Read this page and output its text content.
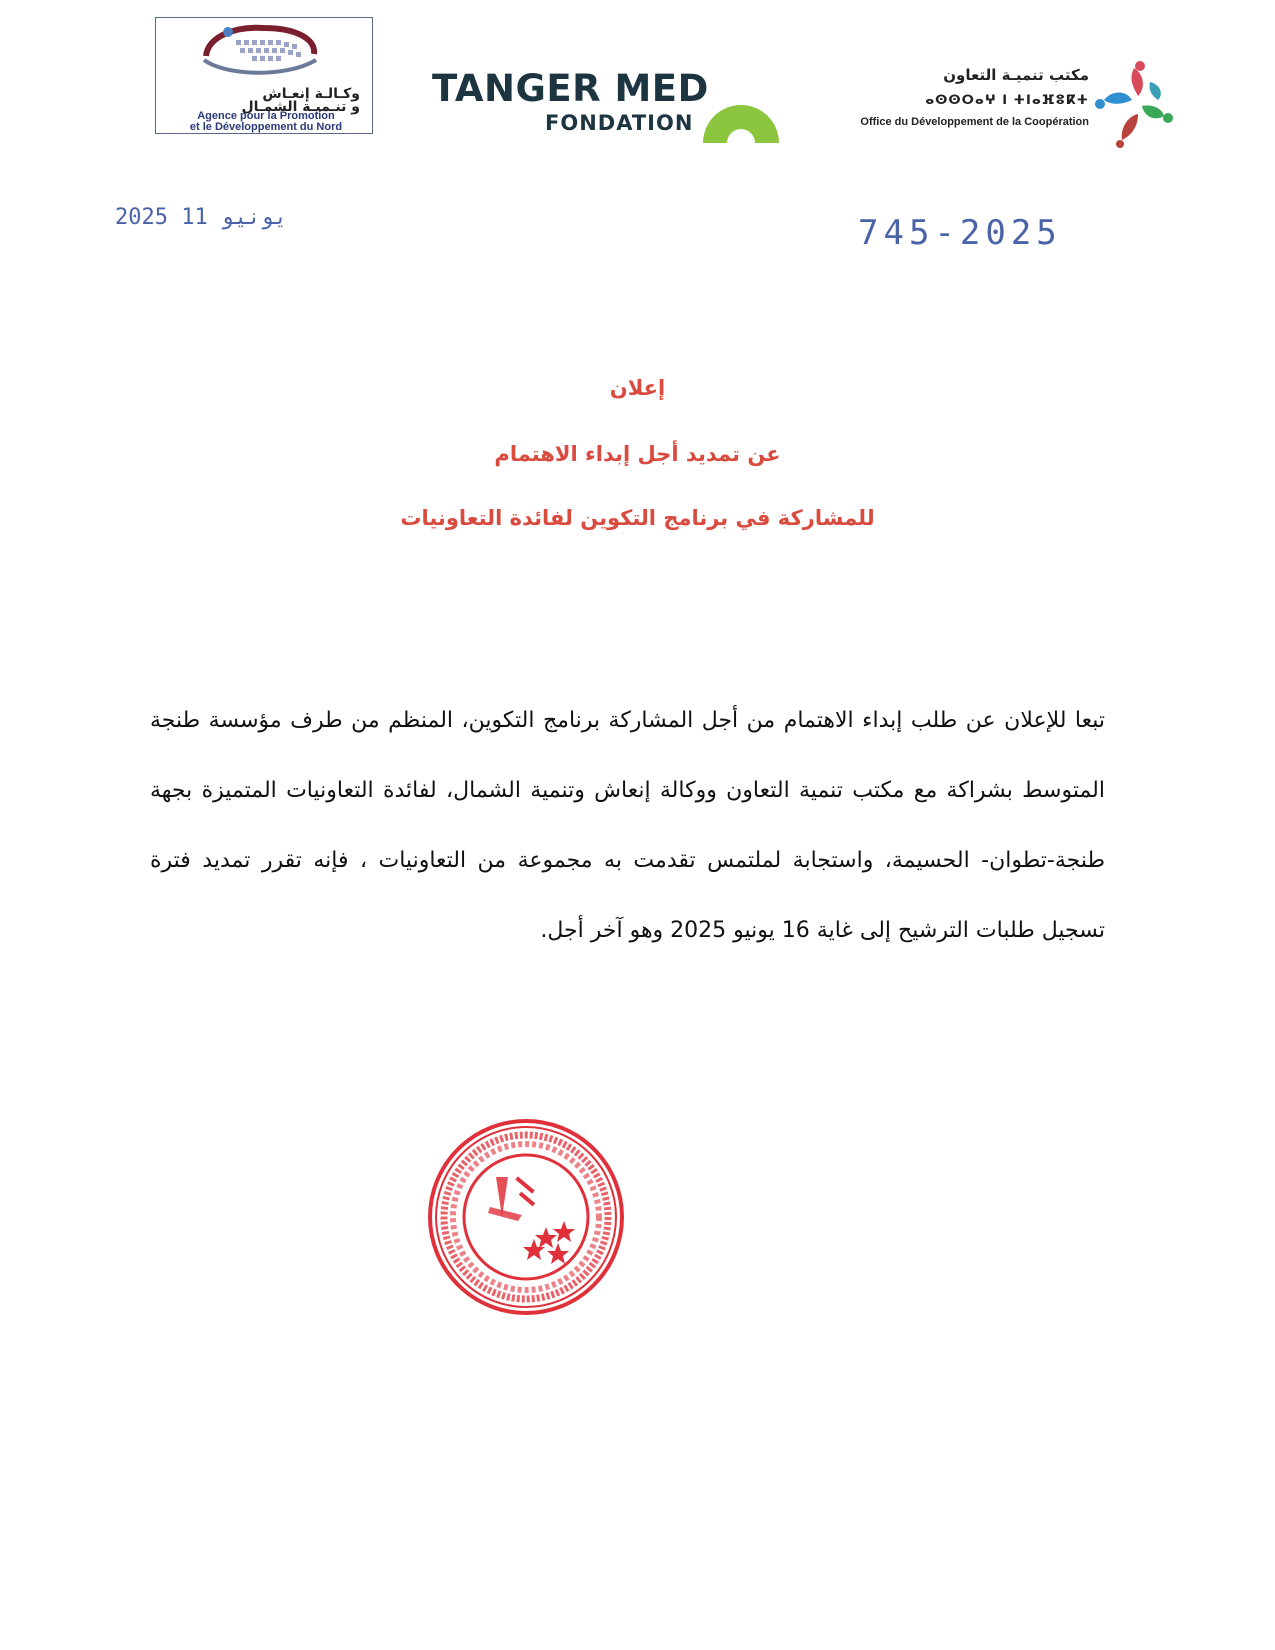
وكـالـة إنعـاش
و تنـميـة الشمـال
Agence pour la Promotion
et le Développement du Nord
TANGER MED
FONDATION
مكتب تنميـة التعاون
ⴰⵙⵙⵔⴰⵖ ⵏ ⵜⵏⴰⴼⵓⴽⵜ
Office du Développement de la Coopération
2025 يونيو 11	745-2025
إعلان
عن تمديد أجل إبداء الاهتمام
للمشاركة في برنامج التكوين لفائدة التعاونيات
تبعا للإعلان عن طلب إبداء الاهتمام من أجل المشاركة برنامج التكوين، المنظم من طرف مؤسسة طنجة المتوسط بشراكة مع مكتب تنمية التعاون ووكالة إنعاش وتنمية الشمال، لفائدة التعاونيات المتميزة بجهة طنجة-تطوان- الحسيمة، واستجابة لملتمس تقدمت به مجموعة من التعاونيات ، فإنه تقرر تمديد فترة تسجيل طلبات الترشيح إلى غاية 16 يونيو 2025 وهو آخر أجل.
